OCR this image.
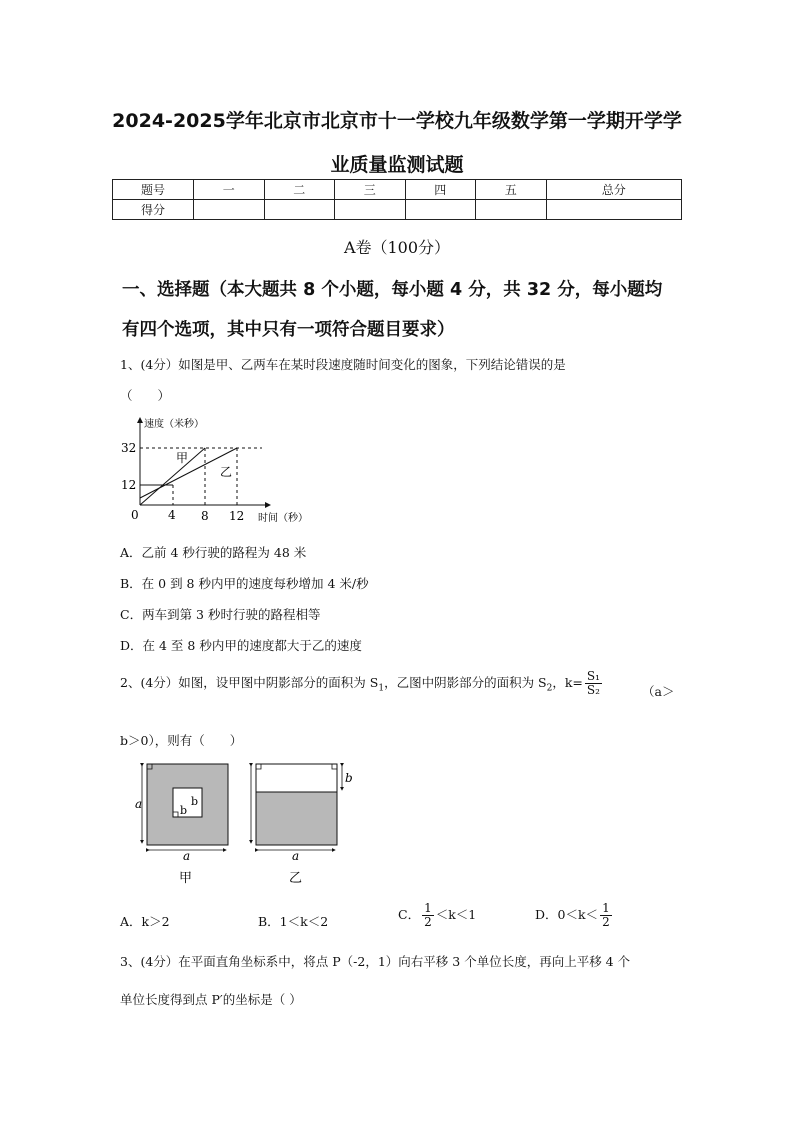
2024-2025学年北京市北京市十一学校九年级数学第一学期开学学
业质量监测试题
题号	一	二	三	四	五	总分
得分						
A卷（100分）
一、选择题（本大题共 8 个小题，每小题 4 分，共 32 分，每小题均
有四个选项，其中只有一项符合题目要求）
1、(4分）如图是甲、乙两车在某时段速度随时间变化的图象，下列结论错误的是
（　　）
速度（米秒）
时间（秒）
32
12
0 4 8 12
甲
乙
A．乙前 4 秒行驶的路程为 48 米
B．在 0 到 8 秒内甲的速度每秒增加 4 米/秒
C．两车到第 3 秒时行驶的路程相等
D．在 4 至 8 秒内甲的速度都大于乙的速度
2、(4分）如图，设甲图中阴影部分的面积为 $S_1$，乙图中阴影部分的面积为 $S_2$，$k= \frac{\text{S₁}}{\text{S₂}}$	（a＞
b＞0），则有（　　）
a
a
b
b
甲
b
a
乙
A．k＞2	B．1＜k＜2	C． $\frac{1}{2} <k<1$	D．$0<k< \frac{1}{2}$
3、(4分）在平面直角坐标系中，将点 P（-2，1）向右平移 3 个单位长度，再向上平移 4 个
单位长度得到点 P′的坐标是（ ）
